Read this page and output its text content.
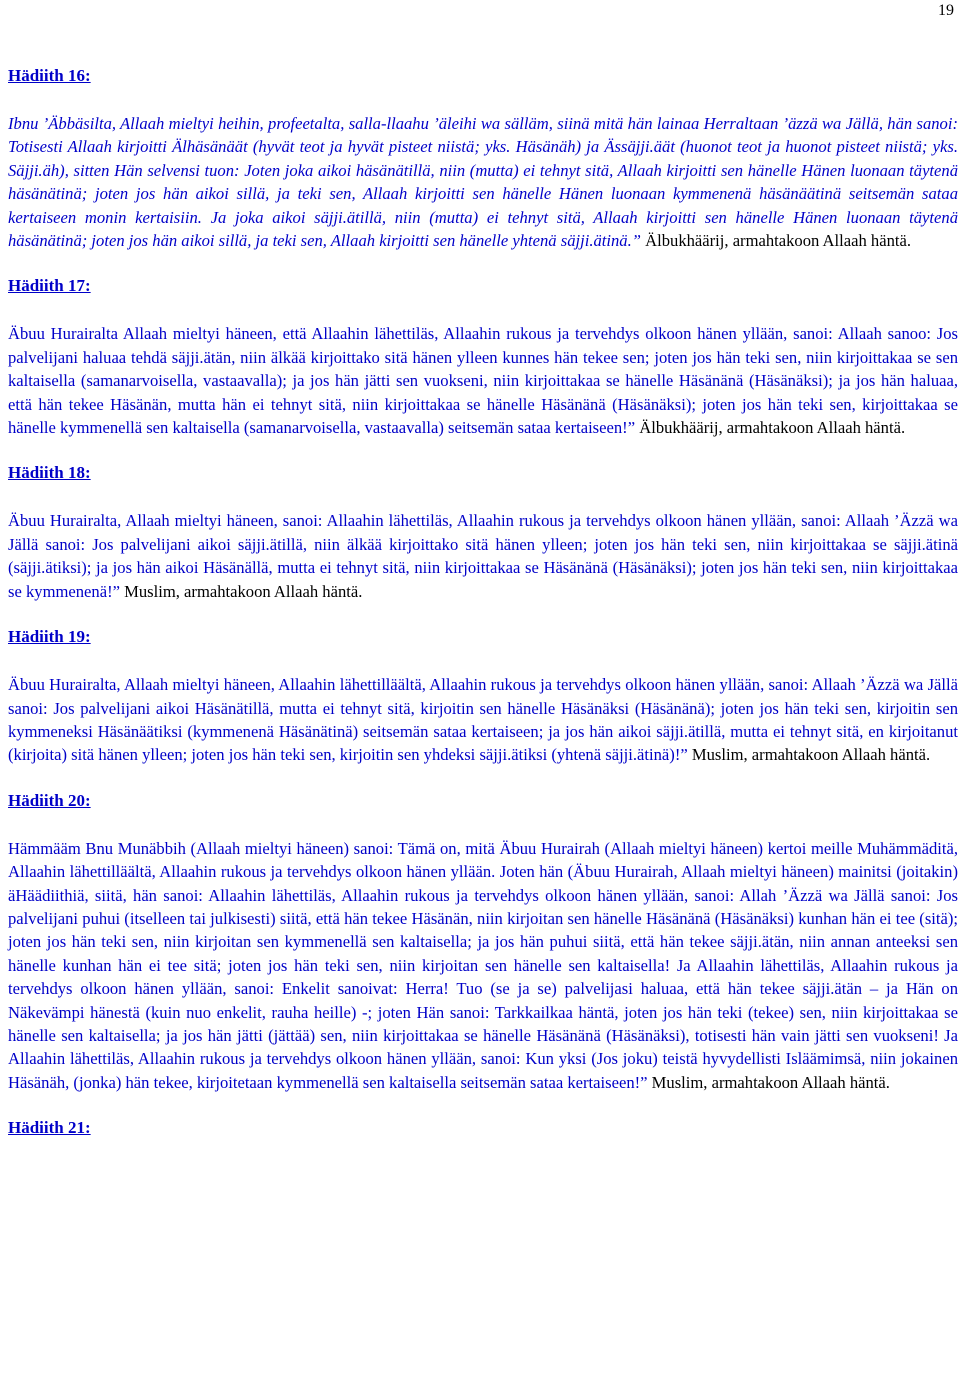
19
Hädiith 16:

Ibnu ’Äbbäsilta, Allaah mieltyi heihin, profeetalta, salla-llaahu ’äleihi wa sälläm, siinä mitä hän lainaa Herraltaan ’äzzä wa Jällä, hän sanoi: Totisesti Allaah kirjoitti Älhäsänäät (hyvät teot ja hyvät pisteet niistä; yks. Häsänäh) ja Ässäjji.äät (huonot teot ja huonot pisteet niistä; yks. Säjji.äh), sitten Hän selvensi tuon: Joten joka aikoi häsänätillä, niin (mutta) ei tehnyt sitä, Allaah kirjoitti sen hänelle Hänen luonaan täytenä häsänätinä; joten jos hän aikoi sillä, ja teki sen, Allaah kirjoitti sen hänelle Hänen luonaan kymmenenä häsänäätinä seitsemän sataa kertaiseen monin kertaisiin. Ja joka aikoi säjji.ätillä, niin (mutta) ei tehnyt sitä, Allaah kirjoitti sen hänelle Hänen luonaan täytenä häsänätinä; joten jos hän aikoi sillä, ja teki sen, Allaah kirjoitti sen hänelle yhtenä säjji.ätinä.” Älbukhäärij, armahtakoon Allaah häntä.

Hädiith 17:

Äbuu Hurairalta Allaah mieltyi häneen, että Allaahin lähettiläs, Allaahin rukous ja tervehdys olkoon hänen yllään, sanoi: Allaah sanoo: Jos palvelijani haluaa tehdä säjji.ätän, niin älkää kirjoittako sitä hänen ylleen kunnes hän tekee sen; joten jos hän teki sen, niin kirjoittakaa se sen kaltaisella (samanarvoisella, vastaavalla); ja jos hän jätti sen vuokseni, niin kirjoittakaa se hänelle Häsänänä (Häsänäksi); ja jos hän haluaa, että hän tekee Häsänän, mutta hän ei tehnyt sitä, niin kirjoittakaa se hänelle Häsänänä (Häsänäksi); joten jos hän teki sen, kirjoittakaa se hänelle kymmenellä sen kaltaisella (samanarvoisella, vastaavalla) seitsemän sataa kertaiseen!” Älbukhäärij, armahtakoon Allaah häntä.

Hädiith 18:

Äbuu Hurairalta, Allaah mieltyi häneen, sanoi: Allaahin lähettiläs, Allaahin rukous ja tervehdys olkoon hänen yllään, sanoi: Allaah ’Äzzä wa Jällä sanoi: Jos palvelijani aikoi säjji.ätillä, niin älkää kirjoittako sitä hänen ylleen; joten jos hän teki sen, niin kirjoittakaa se säjji.ätinä (säjji.ätiksi); ja jos hän aikoi Häsänällä, mutta ei tehnyt sitä, niin kirjoittakaa se Häsänänä (Häsänäksi); joten jos hän teki sen, niin kirjoittakaa se kymmenenä!” Muslim, armahtakoon Allaah häntä.

Hädiith 19:

Äbuu Hurairalta, Allaah mieltyi häneen, Allaahin lähettilläältä, Allaahin rukous ja tervehdys olkoon hänen yllään, sanoi: Allaah ’Äzzä wa Jällä sanoi: Jos palvelijani aikoi Häsänätillä, mutta ei tehnyt sitä, kirjoitin sen hänelle Häsänäksi (Häsänänä); joten jos hän teki sen, kirjoitin sen kymmeneksi Häsänäätiksi (kymmenenä Häsänätinä) seitsemän sataa kertaiseen; ja jos hän aikoi säjji.ätillä, mutta ei tehnyt sitä, en kirjoitanut (kirjoita) sitä hänen ylleen; joten jos hän teki sen, kirjoitin sen yhdeksi säjji.ätiksi (yhtenä säjji.ätinä)!” Muslim, armahtakoon Allaah häntä.

Hädiith 20:

Hämmääm Bnu Munäbbih (Allaah mieltyi häneen) sanoi: Tämä on, mitä Äbuu Hurairah (Allaah mieltyi häneen) kertoi meille Muhämmäditä, Allaahin lähettilläältä, Allaahin rukous ja tervehdys olkoon hänen yllään. Joten hän (Äbuu Hurairah, Allaah mieltyi häneen) mainitsi (joitakin) äHäädiithiä, siitä, hän sanoi: Allaahin lähettiläs, Allaahin rukous ja tervehdys olkoon hänen yllään, sanoi: Allah ’Äzzä wa Jällä sanoi: Jos palvelijani puhui (itselleen tai julkisesti) siitä, että hän tekee Häsänän, niin kirjoitan sen hänelle Häsänänä (Häsänäksi) kunhan hän ei tee (sitä); joten jos hän teki sen, niin kirjoitan sen kymmenellä sen kaltaisella; ja jos hän puhui siitä, että hän tekee säjji.ätän, niin annan anteeksi sen hänelle kunhan hän ei tee sitä; joten jos hän teki sen, niin kirjoitan sen hänelle sen kaltaisella! Ja Allaahin lähettiläs, Allaahin rukous ja tervehdys olkoon hänen yllään, sanoi: Enkelit sanoivat: Herra! Tuo (se ja se) palvelijasi haluaa, että hän tekee säjji.ätän – ja Hän on Näkevämpi hänestä (kuin nuo enkelit, rauha heille) -; joten Hän sanoi: Tarkkailkaa häntä, joten jos hän teki (tekee) sen, niin kirjoittakaa se hänelle sen kaltaisella; ja jos hän jätti (jättää) sen, niin kirjoittakaa se hänelle Häsänänä (Häsänäksi), totisesti hän vain jätti sen vuokseni! Ja Allaahin lähettiläs, Allaahin rukous ja tervehdys olkoon hänen yllään, sanoi: Kun yksi (Jos joku) teistä hyvydellisti Isläämimsä, niin jokainen Häsänäh, (jonka) hän tekee, kirjoitetaan kymmenellä sen kaltaisella seitsemän sataa kertaiseen!” Muslim, armahtakoon Allaah häntä.

Hädiith 21:
